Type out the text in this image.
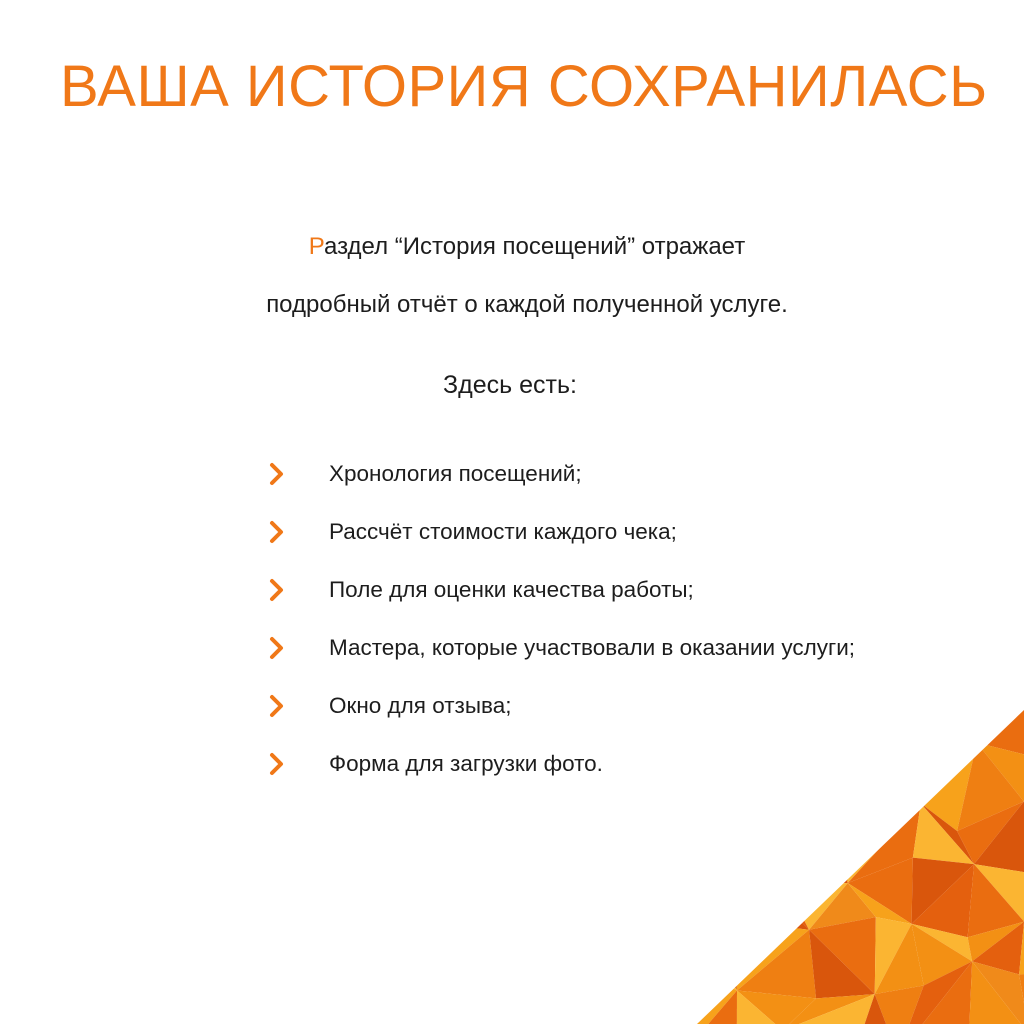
ВАША ИСТОРИЯ СОХРАНИЛАСЬ

Раздел “История посещений” отражает
подробный отчёт о каждой полученной услуге.

Здесь есть:

Хронология посещений;
Рассчёт стоимости каждого чека;
Поле для оценки качества работы;
Мастера, которые участвовали в оказании услуги;
Окно для отзыва;
Форма для загрузки фото.
